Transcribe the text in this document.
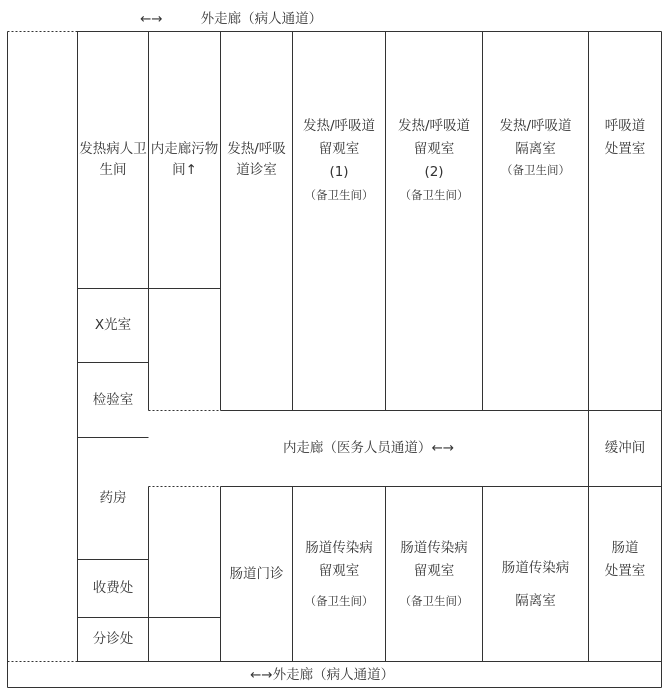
←→	外走廊（病人通道）
←→ 外走廊（病人通道）
内走廊（医务人员通道） ←→
发热病人卫
生间
X光室
检验室
药房
收费处
分诊处
内走廊污物
间↑
发热/呼吸
道诊室
发热/呼吸道
留观室
(1)
（备卫生间）
发热/呼吸道
留观室
(2)
（备卫生间）
发热/呼吸道
隔离室
（备卫生间）
呼吸道
处置室
缓冲间
肠道门诊
肠道传染病
留观室
（备卫生间）
肠道传染病
留观室
（备卫生间）
肠道传染病
隔离室
肠道
处置室
